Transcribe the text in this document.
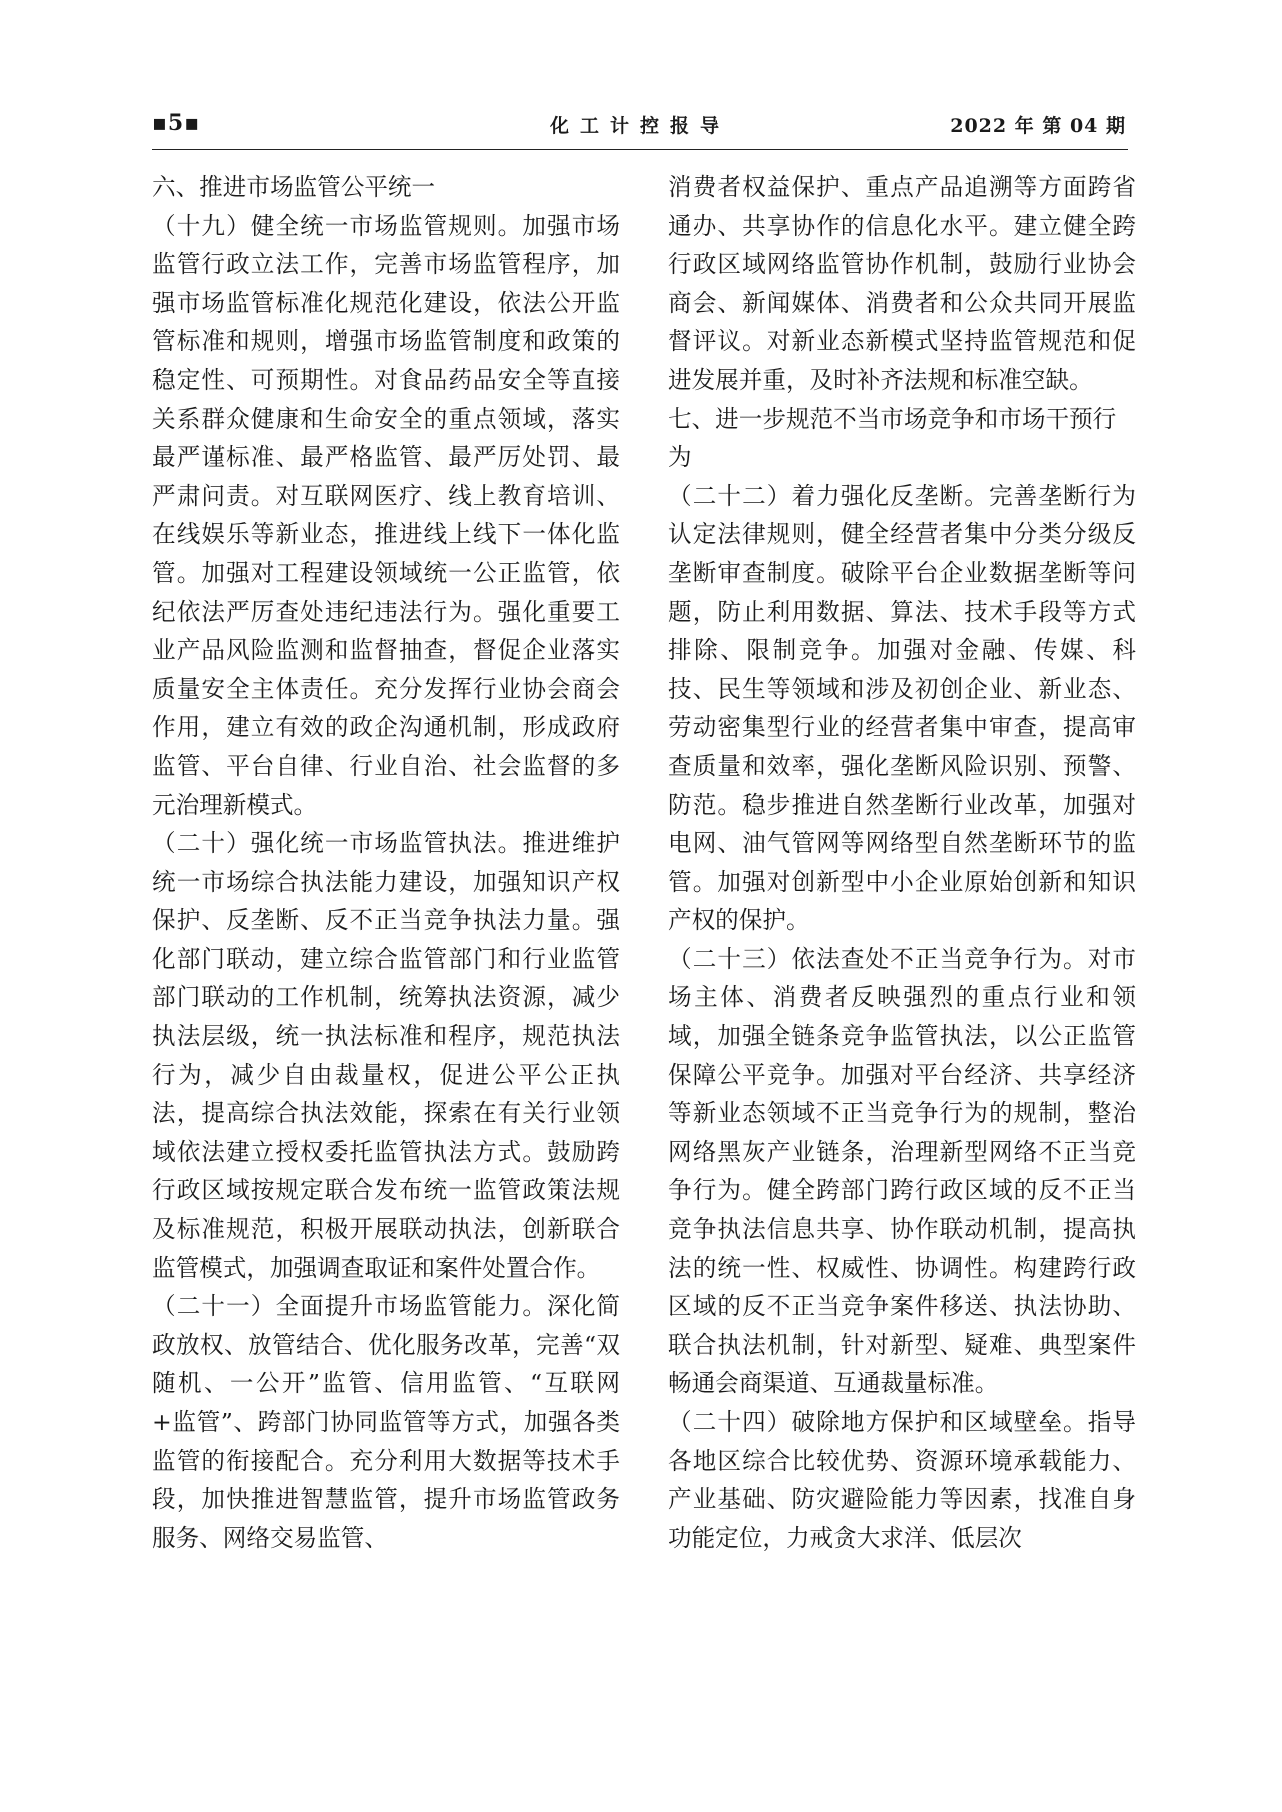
▪5▪	化工计控报导	2022 年 第 04 期

六、推进市场监管公平统一

（十九）健全统一市场监管规则。加强市场监管行政立法工作，完善市场监管程序，加强市场监管标准化规范化建设，依法公开监管标准和规则，增强市场监管制度和政策的稳定性、可预期性。对食品药品安全等直接关系群众健康和生命安全的重点领域，落实最严谨标准、最严格监管、最严厉处罚、最严肃问责。对互联网医疗、线上教育培训、在线娱乐等新业态，推进线上线下一体化监管。加强对工程建设领域统一公正监管，依纪依法严厉查处违纪违法行为。强化重要工业产品风险监测和监督抽查，督促企业落实质量安全主体责任。充分发挥行业协会商会作用，建立有效的政企沟通机制，形成政府监管、平台自律、行业自治、社会监督的多元治理新模式。

（二十）强化统一市场监管执法。推进维护统一市场综合执法能力建设，加强知识产权保护、反垄断、反不正当竞争执法力量。强化部门联动，建立综合监管部门和行业监管部门联动的工作机制，统筹执法资源，减少执法层级，统一执法标准和程序，规范执法行为，减少自由裁量权，促进公平公正执法，提高综合执法效能，探索在有关行业领域依法建立授权委托监管执法方式。鼓励跨行政区域按规定联合发布统一监管政策法规及标准规范，积极开展联动执法，创新联合监管模式，加强调查取证和案件处置合作。

（二十一）全面提升市场监管能力。深化简政放权、放管结合、优化服务改革，完善“双随机、一公开”监管、信用监管、“互联网+监管”、跨部门协同监管等方式，加强各类监管的衔接配合。充分利用大数据等技术手段，加快推进智慧监管，提升市场监管政务服务、网络交易监管、

消费者权益保护、重点产品追溯等方面跨省通办、共享协作的信息化水平。建立健全跨行政区域网络监管协作机制，鼓励行业协会商会、新闻媒体、消费者和公众共同开展监督评议。对新业态新模式坚持监管规范和促进发展并重，及时补齐法规和标准空缺。

七、进一步规范不当市场竞争和市场干预行为

（二十二）着力强化反垄断。完善垄断行为认定法律规则，健全经营者集中分类分级反垄断审查制度。破除平台企业数据垄断等问题，防止利用数据、算法、技术手段等方式排除、限制竞争。加强对金融、传媒、科技、民生等领域和涉及初创企业、新业态、劳动密集型行业的经营者集中审查，提高审查质量和效率，强化垄断风险识别、预警、防范。稳步推进自然垄断行业改革，加强对电网、油气管网等网络型自然垄断环节的监管。加强对创新型中小企业原始创新和知识产权的保护。

（二十三）依法查处不正当竞争行为。对市场主体、消费者反映强烈的重点行业和领域，加强全链条竞争监管执法，以公正监管保障公平竞争。加强对平台经济、共享经济等新业态领域不正当竞争行为的规制，整治网络黑灰产业链条，治理新型网络不正当竞争行为。健全跨部门跨行政区域的反不正当竞争执法信息共享、协作联动机制，提高执法的统一性、权威性、协调性。构建跨行政区域的反不正当竞争案件移送、执法协助、联合执法机制，针对新型、疑难、典型案件畅通会商渠道、互通裁量标准。

（二十四）破除地方保护和区域壁垒。指导各地区综合比较优势、资源环境承载能力、产业基础、防灾避险能力等因素，找准自身功能定位，力戒贪大求洋、低层次
